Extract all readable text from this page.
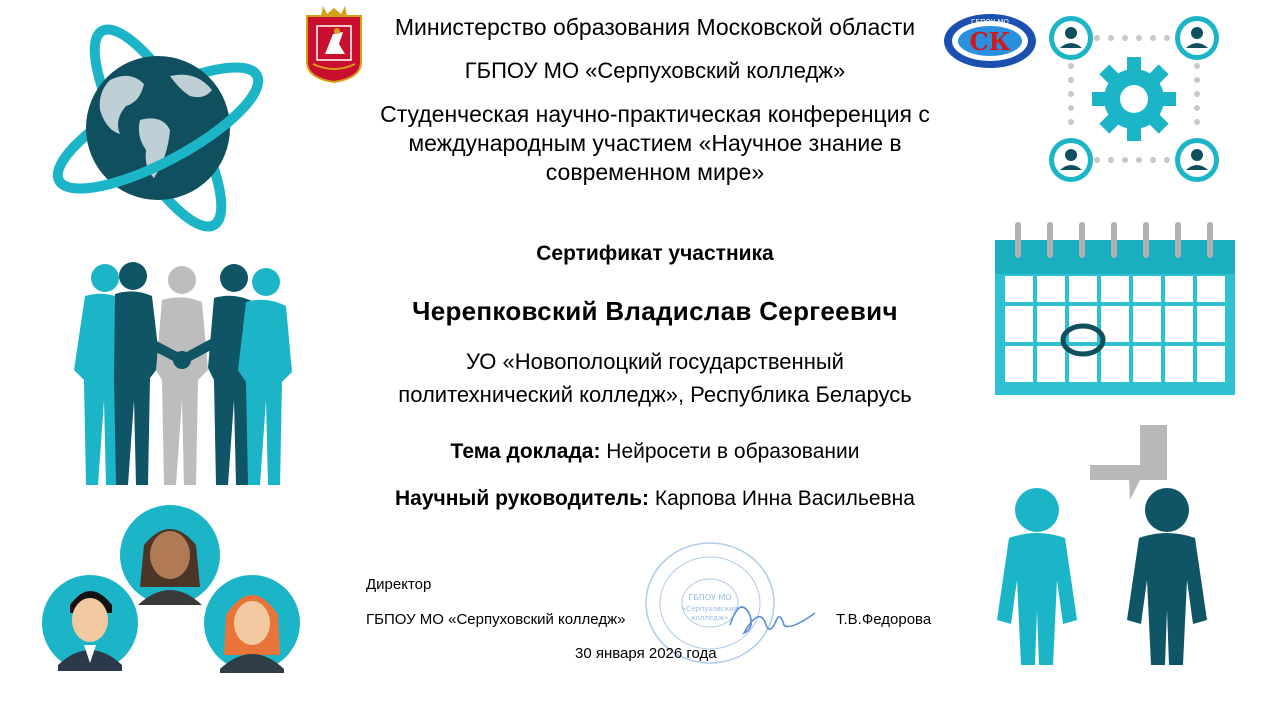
СК
ГБПОУ МО
Министерство образования Московской области
ГБПОУ МО «Серпуховский колледж»
Студенческая научно-практическая конференция с
международным участием «Научное знание в
современном мире»
Сертификат участника
Черепковский Владислав Сергеевич
УО «Новополоцкий государственный
политехнический колледж», Республика Беларусь
Тема доклада: Нейросети в образовании
Научный руководитель: Карпова Инна Васильевна
ГБПОУ МО
«Серпуховский
колледж»
Директор
ГБПОУ МО «Серпуховский колледж»	Т.В.Федорова
30 января 2026 года
